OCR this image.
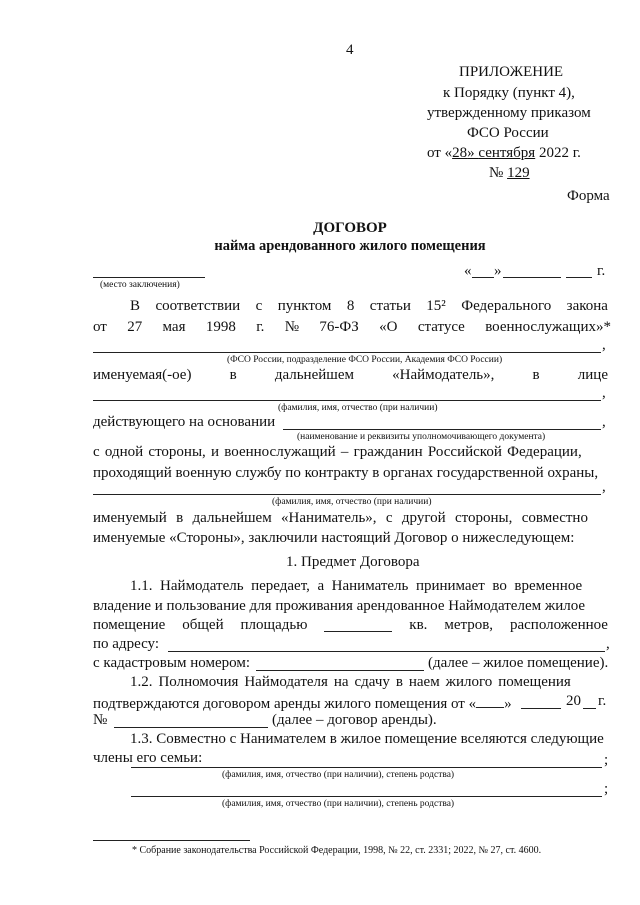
4
ПРИЛОЖЕНИЕ
к Порядку (пункт 4),
утвержденному приказом
ФСО России
от «28» сентября 2022 г.
№ 129
Форма
ДОГОВОР
найма арендованного жилого помещения
(место заключения)
« »	г.
В соответствии с пунктом 8 статьи 15² Федерального закона
от 27 мая 1998 г. № 76-ФЗ «О статусе военнослужащих»*
,
(ФСО России, подразделение ФСО России, Академия ФСО России)
именуемая(-ое)	в	дальнейшем	«Наймодатель»,	в	лице
,
(фамилия, имя, отчество (при наличии)
действующего на основании	,
(наименование и реквизиты уполномочивающего документа)
с одной стороны, и военнослужащий – гражданин Российской Федерации,
проходящий военную службу по контракту в органах государственной охраны,
,
(фамилия, имя, отчество (при наличии)
именуемый в дальнейшем «Наниматель», с другой стороны, совместно
именуемые «Стороны», заключили настоящий Договор о нижеследующем:
1. Предмет Договора
1.1. Наймодатель передает, а Наниматель принимает во временное
владение и пользование для проживания арендованное Наймодателем жилое
помещение общей площадью	кв. метров, расположенное
по адресу:	,
с кадастровым номером:	(далее – жилое помещение).
1.2. Полномочия Наймодателя на сдачу в наем жилого помещения
подтверждаются договором аренды жилого помещения от « »	20 г.
№	(далее – договор аренды).
1.3. Совместно с Нанимателем в жилое помещение вселяются следующие
члены его семьи:	;
(фамилия, имя, отчество (при наличии), степень родства)
;
(фамилия, имя, отчество (при наличии), степень родства)
* Собрание законодательства Российской Федерации, 1998, № 22, ст. 2331; 2022, № 27, ст. 4600.
